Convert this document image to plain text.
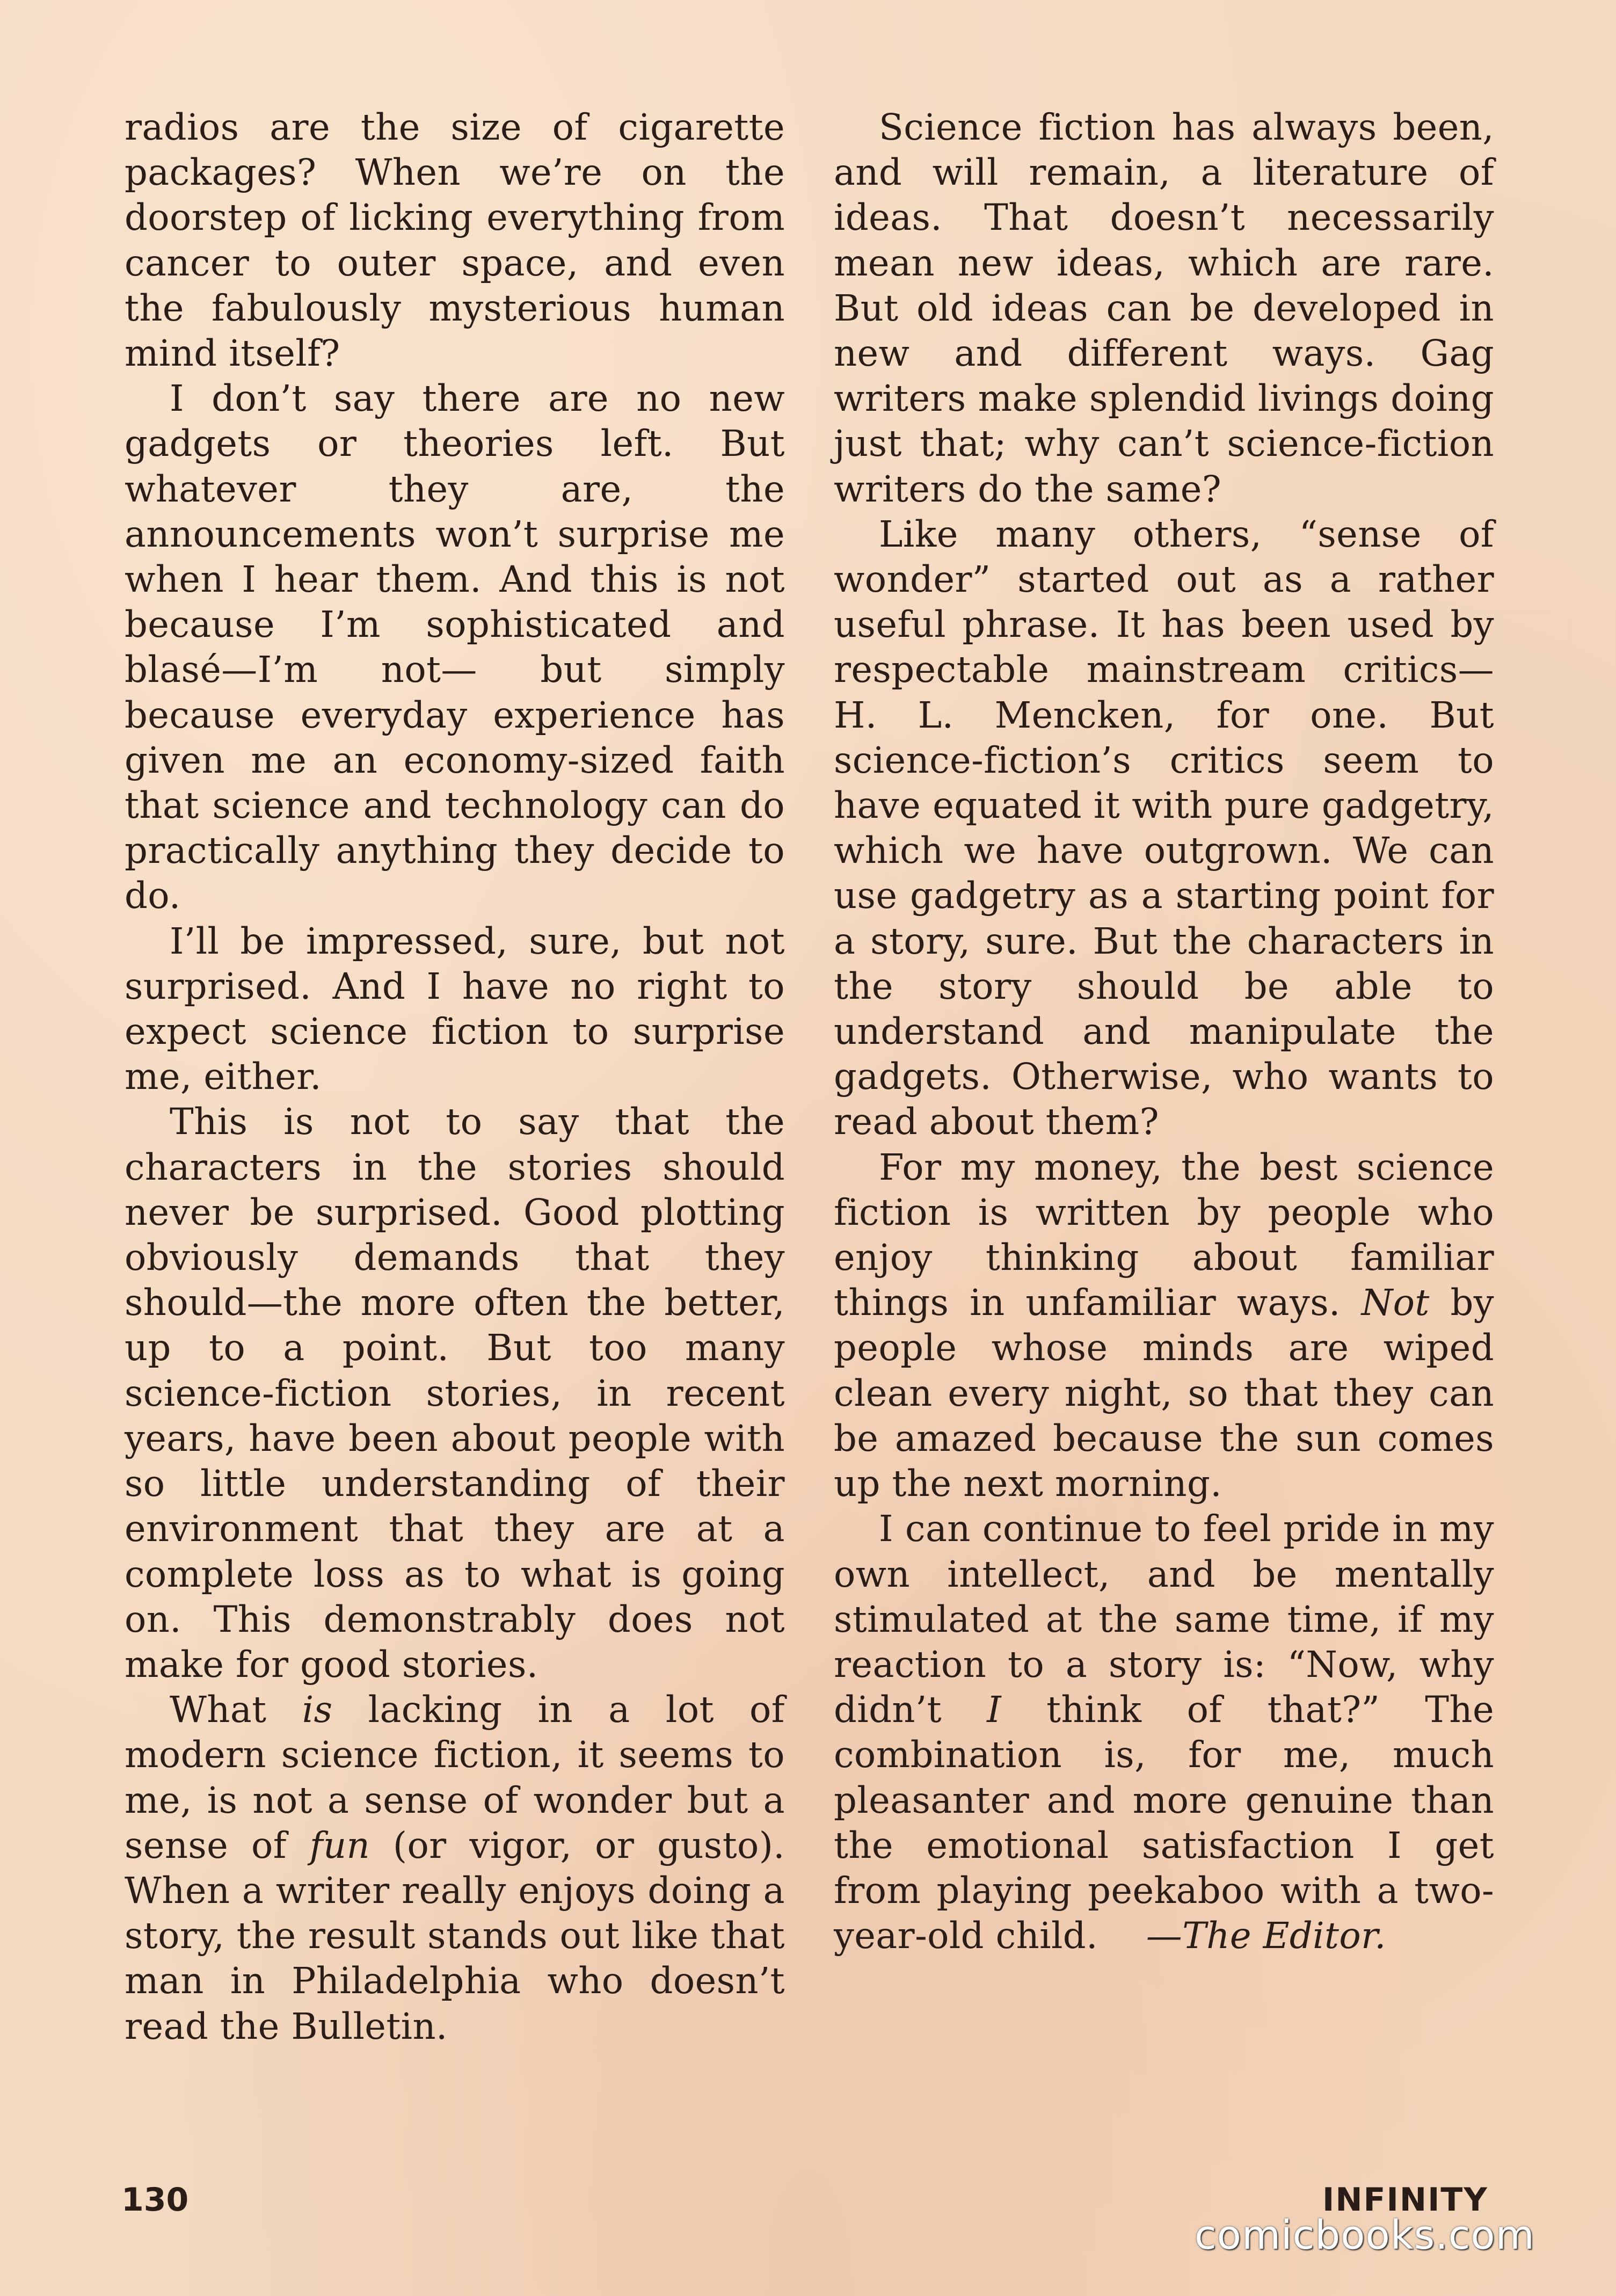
radios are the size of cigarette packages? When we’re on the doorstep of licking everything from cancer to outer space, and even the fabulously mysterious human mind itself?

I don’t say there are no new gadgets or theories left. But whatever they are, the announcements won’t surprise me when I hear them. And this is not because I’m sophisticated and blasé—I’m not— but simply because everyday experience has given me an economy-sized faith that science and technology can do practically anything they decide to do.

I’ll be impressed, sure, but not surprised. And I have no right to expect science fiction to surprise me, either.

This is not to say that the characters in the stories should never be surprised. Good plotting obviously demands that they should—the more often the better, up to a point. But too many science-fiction stories, in recent years, have been about people with so little understanding of their environment that they are at a complete loss as to what is going on. This demonstrably does not make for good stories.

What is lacking in a lot of modern science fiction, it seems to me, is not a sense of wonder but a sense of fun (or vigor, or gusto). When a writer really enjoys doing a story, the result stands out like that man in Philadelphia who doesn’t read the Bulletin.

Science fiction has always been, and will remain, a literature of ideas. That doesn’t necessarily mean new ideas, which are rare. But old ideas can be developed in new and different ways. Gag writers make splendid livings doing just that; why can’t science-fiction writers do the same?

Like many others, “sense of wonder” started out as a rather useful phrase. It has been used by respectable mainstream critics— H. L. Mencken, for one. But science-fiction’s critics seem to have equated it with pure gadgetry, which we have outgrown. We can use gadgetry as a starting point for a story, sure. But the characters in the story should be able to understand and manipulate the gadgets. Otherwise, who wants to read about them?

For my money, the best science fiction is written by people who enjoy thinking about familiar things in unfamiliar ways. Not by people whose minds are wiped clean every night, so that they can be amazed because the sun comes up the next morning.

I can continue to feel pride in my own intellect, and be mentally stimulated at the same time, if my reaction to a story is: “Now, why didn’t I think of that?” The combination is, for me, much pleasanter and more genuine than the emotional satisfaction I get from playing peekaboo with a two-year-old child. —The Editor.

130	INFINITY
comicbooks.com
